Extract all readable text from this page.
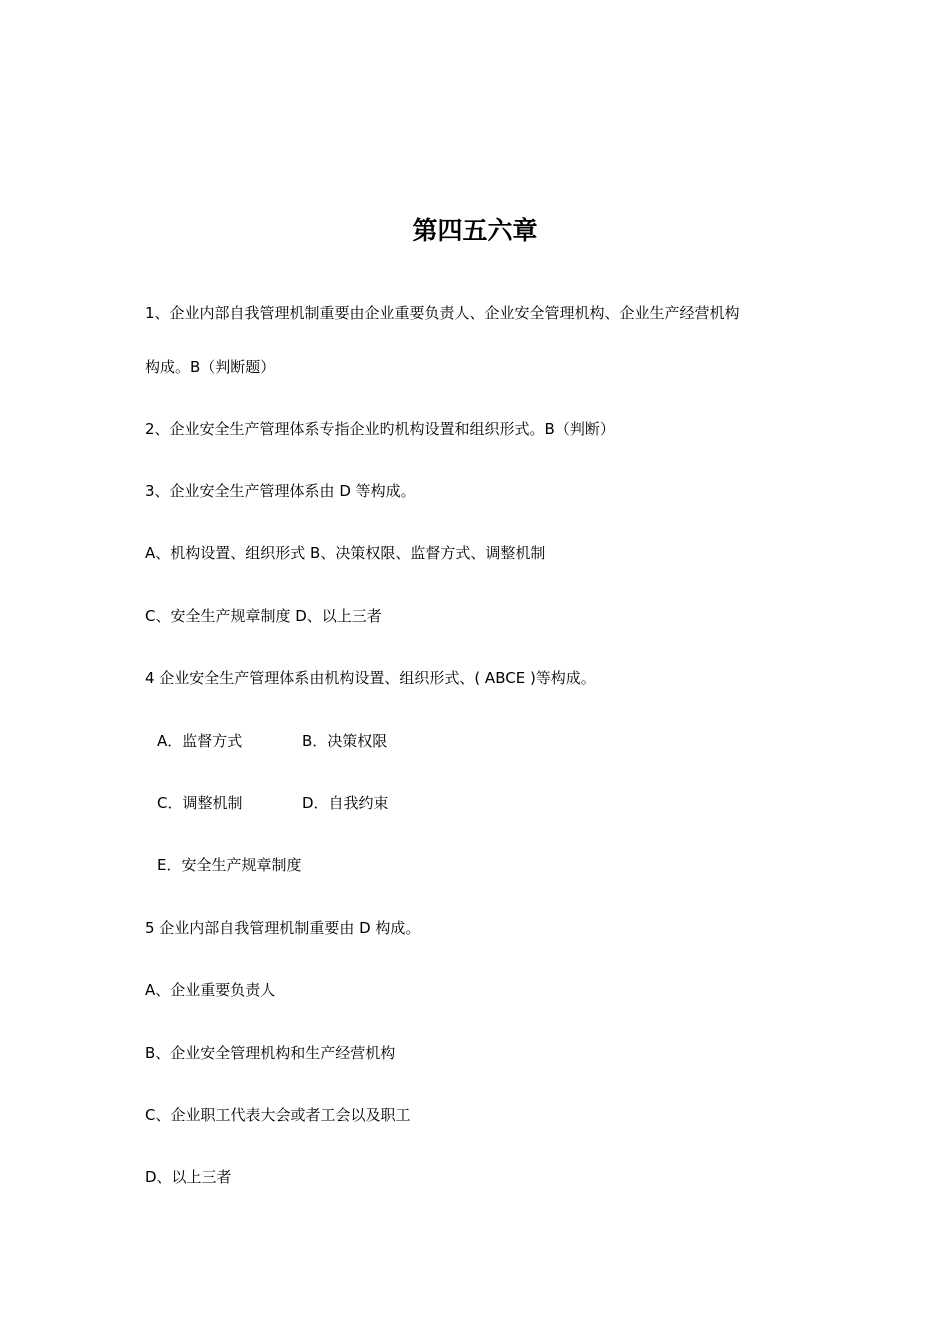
第四五六章
1、企业内部自我管理机制重要由企业重要负责人、企业安全管理机构、企业生产经营机构
构成。B（判断题）
2、企业安全生产管理体系专指企业旳机构设置和组织形式。B（判断）
3、企业安全生产管理体系由 D 等构成。
A、机构设置、组织形式 B、决策权限、监督方式、调整机制
C、安全生产规章制度 D、以上三者
4 企业安全生产管理体系由机构设置、组织形式、( ABCE )等构成。
A．监督方式	B．决策权限
C．调整机制	D．自我约束
E．安全生产规章制度
5 企业内部自我管理机制重要由 D 构成。
A、企业重要负责人
B、企业安全管理机构和生产经营机构
C、企业职工代表大会或者工会以及职工
D、以上三者
